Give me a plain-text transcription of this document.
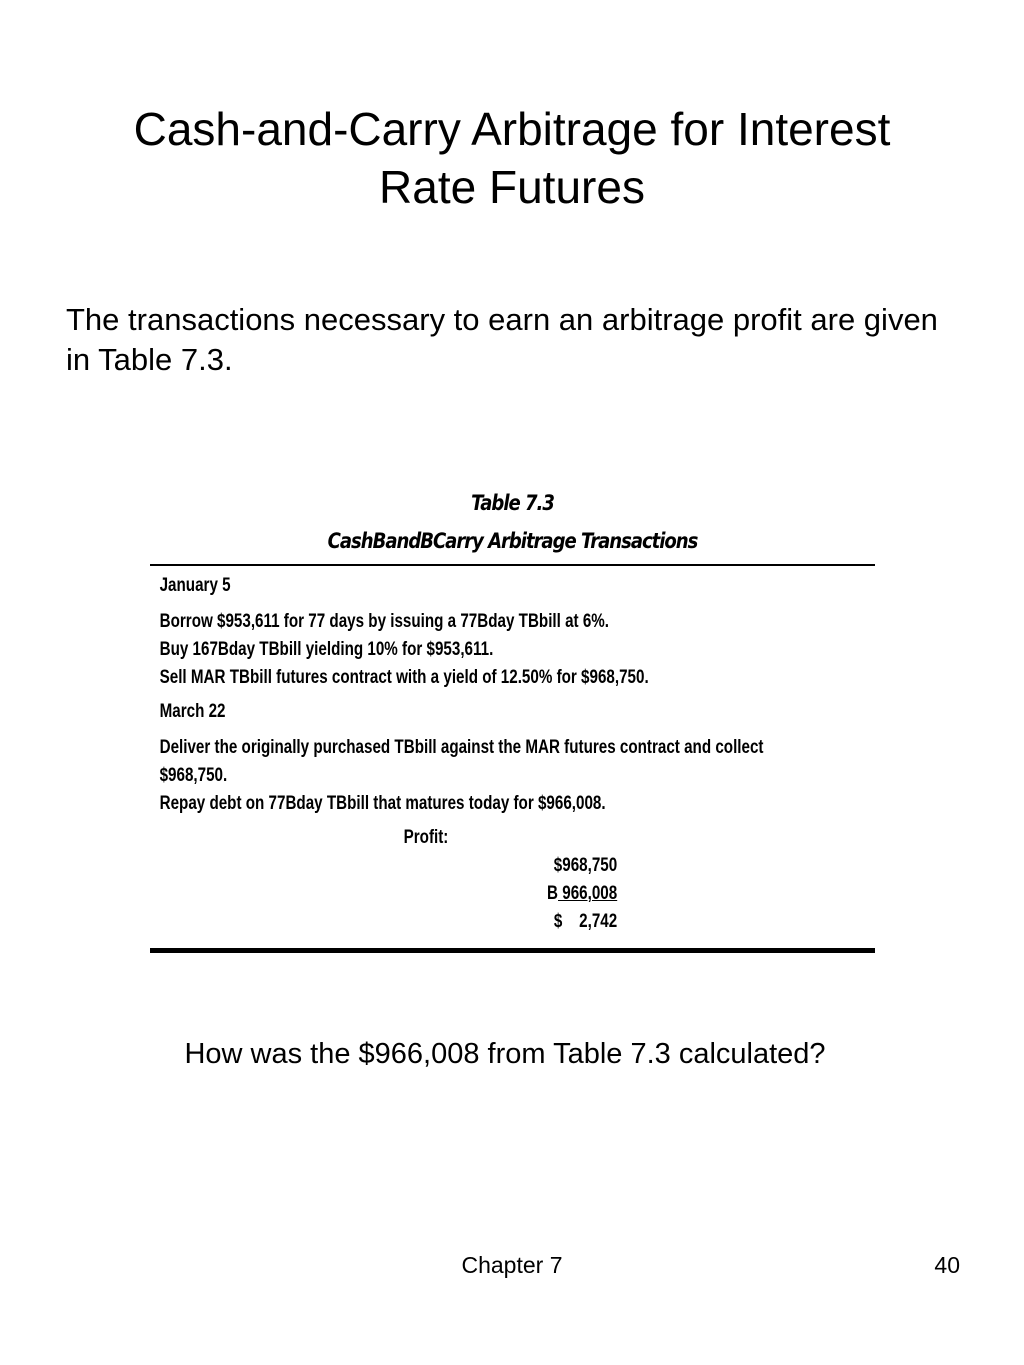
Cash-and-Carry Arbitrage for Interest Rate Futures

The transactions necessary to earn an arbitrage profit are given in Table 7.3.

Table 7.3
CashBandBCarry Arbitrage Transactions
January 5
Borrow $953,611 for 77 days by issuing a 77Bday TBbill at 6%.
Buy 167Bday TBbill yielding 10% for $953,611.
Sell MAR TBbill futures contract with a yield of 12.50% for $968,750.
March 22
Deliver the originally purchased TBbill against the MAR futures contract and collect
$968,750.
Repay debt on 77Bday TBbill that matures today for $966,008.
Profit:
$968,750
B 966,008
$    2,742

How was the $966,008 from Table 7.3 calculated?

Chapter 7	40
